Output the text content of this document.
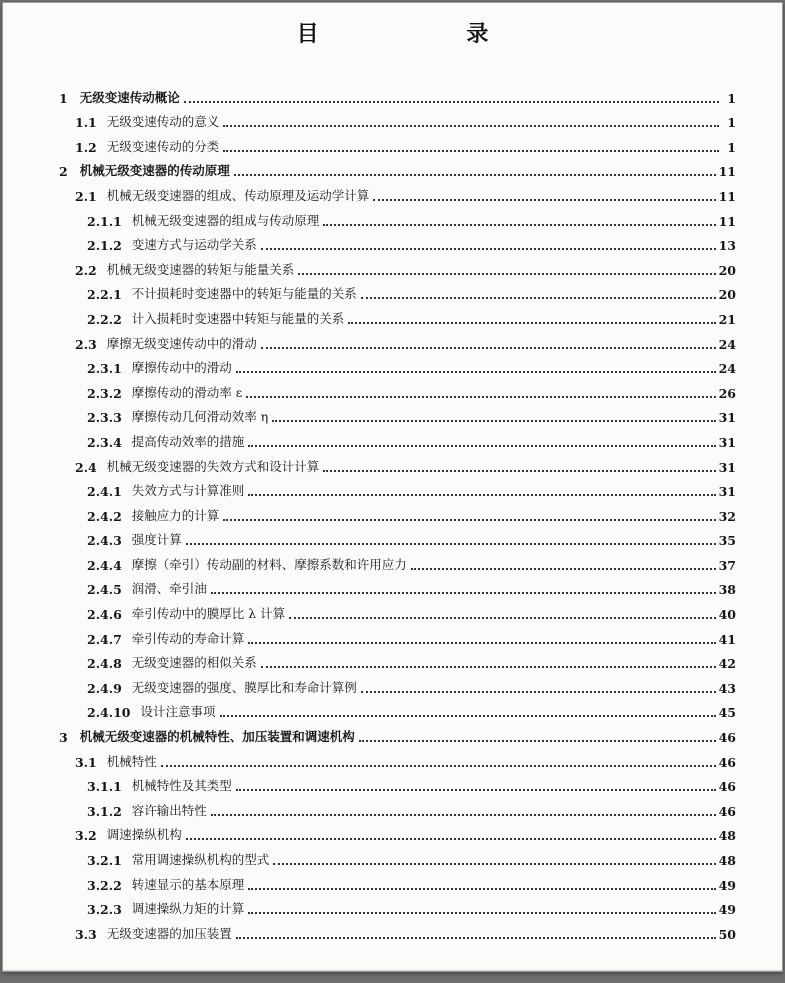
目 录
1 无级变速传动概论	1
1.1 无级变速传动的意义	1
1.2 无级变速传动的分类	1
2 机械无级变速器的传动原理	11
2.1 机械无级变速器的组成、传动原理及运动学计算	11
2.1.1 机械无级变速器的组成与传动原理	11
2.1.2 变速方式与运动学关系	13
2.2 机械无级变速器的转矩与能量关系	20
2.2.1 不计损耗时变速器中的转矩与能量的关系	20
2.2.2 计入损耗时变速器中转矩与能量的关系	21
2.3 摩擦无级变速传动中的滑动	24
2.3.1 摩擦传动中的滑动	24
2.3.2 摩擦传动的滑动率 ε	26
2.3.3 摩擦传动几何滑动效率 η	31
2.3.4 提高传动效率的措施	31
2.4 机械无级变速器的失效方式和设计计算	31
2.4.1 失效方式与计算准则	31
2.4.2 接触应力的计算	32
2.4.3 强度计算	35
2.4.4 摩擦（牵引）传动副的材料、摩擦系数和许用应力	37
2.4.5 润滑、牵引油	38
2.4.6 牵引传动中的膜厚比 λ 计算	40
2.4.7 牵引传动的寿命计算	41
2.4.8 无级变速器的相似关系	42
2.4.9 无级变速器的强度、膜厚比和寿命计算例	43
2.4.10 设计注意事项	45
3 机械无级变速器的机械特性、加压装置和调速机构	46
3.1 机械特性	46
3.1.1 机械特性及其类型	46
3.1.2 容许输出特性	46
3.2 调速操纵机构	48
3.2.1 常用调速操纵机构的型式	48
3.2.2 转速显示的基本原理	49
3.2.3 调速操纵力矩的计算	49
3.3 无级变速器的加压装置	50
